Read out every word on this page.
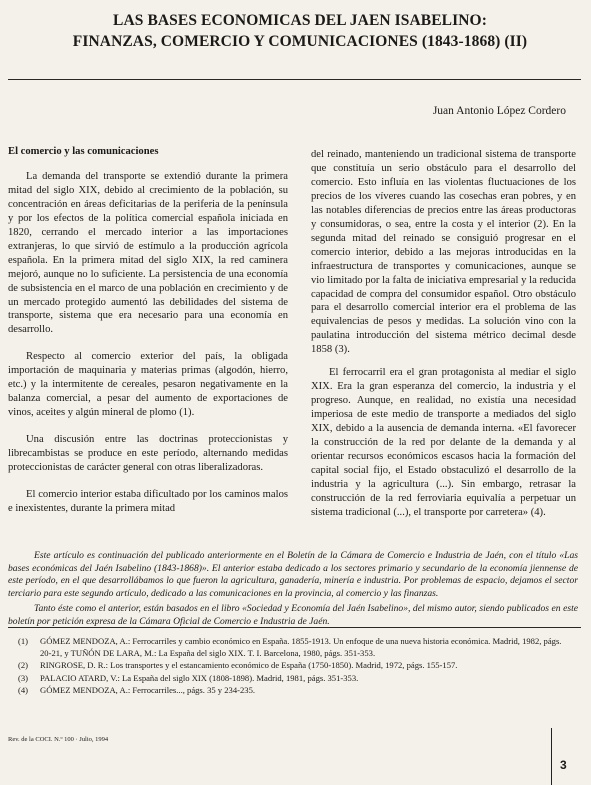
LAS BASES ECONOMICAS DEL JAEN ISABELINO:
FINANZAS, COMERCIO Y COMUNICACIONES (1843-1868) (II)
Juan Antonio López Cordero
El comercio y las comunicaciones

La demanda del transporte se extendió durante la primera mitad del siglo XIX, debido al crecimiento de la población, su concentración en áreas deficitarias de la periferia de la península y por los efectos de la política comercial española iniciada en 1820, cerrando el mercado interior a las importaciones extranjeras, lo que sirvió de estímulo a la producción agrícola española. En la primera mitad del siglo XIX, la red caminera mejoró, aunque no lo suficiente. La persistencia de una economía de subsistencia en el marco de una población en crecimiento y de un mercado protegido aumentó las debilidades del sistema de transporte, sistema que era necesario para una economía en desarrollo.

Respecto al comercio exterior del país, la obligada importación de maquinaria y materias primas (algodón, hierro, etc.) y la intermitente de cereales, pesaron negativamente en la balanza comercial, a pesar del aumento de exportaciones de vinos, aceites y algún mineral de plomo (1).

Una discusión entre las doctrinas proteccionistas y librecambistas se produce en este período, alternando medidas proteccionistas de carácter general con otras liberalizadoras.

El comercio interior estaba dificultado por los caminos malos e inexistentes, durante la primera mitad

del reinado, manteniendo un tradicional sistema de transporte que constituía un serio obstáculo para el desarrollo del comercio. Esto influía en las violentas fluctuaciones de los precios de los víveres cuando las cosechas eran pobres, y en las notables diferencias de precios entre las áreas productoras y consumidoras, o sea, entre la costa y el interior (2). En la segunda mitad del reinado se consiguió progresar en el comercio interior, debido a las mejoras introducidas en la infraestructura de transportes y comunicaciones, aunque se vio limitado por la falta de iniciativa empresarial y la reducida capacidad de compra del consumidor español. Otro obstáculo para el desarrollo comercial interior era el problema de las equivalencias de pesos y medidas. La solución vino con la paulatina introducción del sistema métrico decimal desde 1858 (3).

El ferrocarril era el gran protagonista al mediar el siglo XIX. Era la gran esperanza del comercio, la industria y el progreso. Aunque, en realidad, no existía una necesidad imperiosa de este medio de transporte a mediados del siglo XIX, debido a la ausencia de demanda interna. «El favorecer la construcción de la red por delante de la demanda y al orientar recursos económicos escasos hacia la formación del capital social fijo, el Estado obstaculizó el desarrollo de la industria y la agricultura (...). Sin embargo, retrasar la construcción de la red ferroviaria equivalía a perpetuar un sistema tradicional (...), el transporte por carretera» (4).

Este artículo es continuación del publicado anteriormente en el Boletín de la Cámara de Comercio e Industria de Jaén, con el título «Las bases económicas del Jaén Isabelino (1843-1868)». El anterior estaba dedicado a los sectores primario y secundario de la economía jiennense de este período, en el que desarrollábamos lo que fueron la agricultura, ganadería, minería e industria. Por problemas de espacio, dejamos el sector terciario para este segundo artículo, dedicado a las comunicaciones en la provincia, al comercio y las finanzas.

Tanto éste como el anterior, están basados en el libro «Sociedad y Economía del Jaén Isabelino», del mismo autor, siendo publicados en este boletín por petición expresa de la Cámara Oficial de Comercio e Industria de Jaén.

(1)	GÓMEZ MENDOZA, A.: Ferrocarriles y cambio económico en España. 1855-1913. Un enfoque de una nueva historia económica. Madrid, 1982, págs. 20-21, y TUÑÓN DE LARA, M.: La España del siglo XIX. T. I. Barcelona, 1980, págs. 351-353.
(2)	RINGROSE, D. R.: Los transportes y el estancamiento económico de España (1750-1850). Madrid, 1972, págs. 155-157.
(3)	PALACIO ATARD, V.: La España del siglo XIX (1808-1898). Madrid, 1981, págs. 351-353.
(4)	GÓMEZ MENDOZA, A.: Ferrocarriles..., págs. 35 y 234-235.
Rev. de la COCI. N.º 100 · Julio, 1994
3
